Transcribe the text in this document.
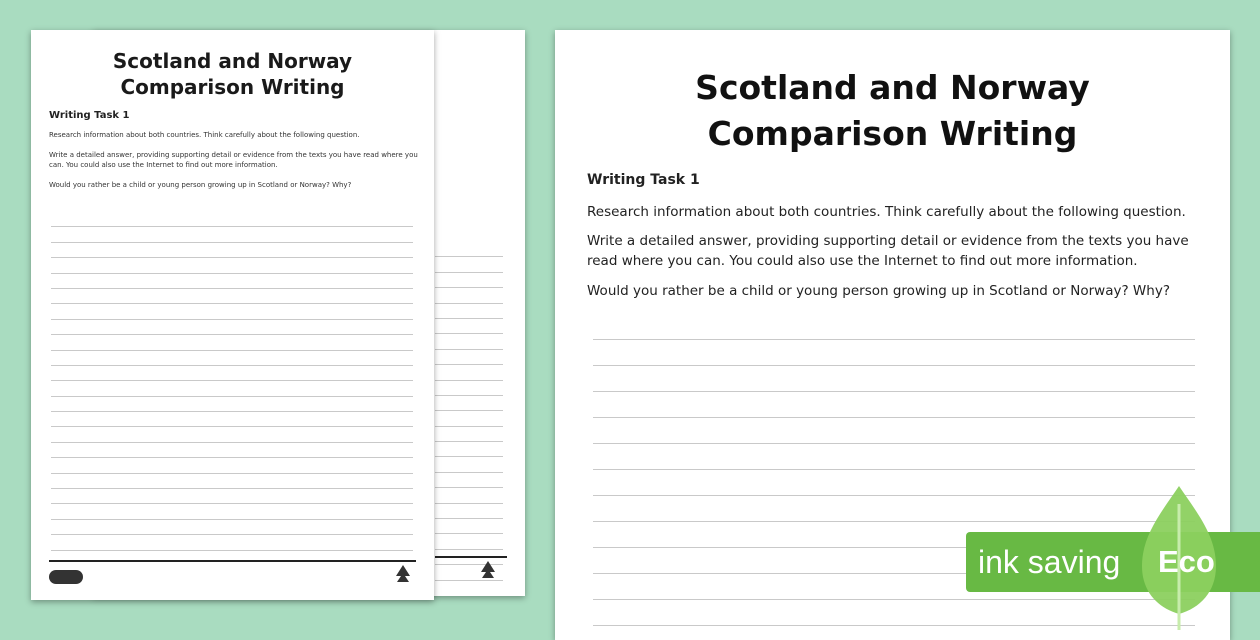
Scotland and Norway
Comparison Writing
Writing Task 1
Research information about both countries. Think carefully about the following question.
Write a detailed answer, providing supporting detail or evidence from the texts you have read where you can. You could also use the Internet to find out more information.
Would you rather be a child or young person growing up in Scotland or Norway? Why?
Scotland and Norway
Comparison Writing
Writing Task 1
Research information about both countries. Think carefully about the following question.
Write a detailed answer, providing supporting detail or evidence from the texts you have read where you can. You could also use the Internet to find out more information.
Would you rather be a child or young person growing up in Scotland or Norway? Why?
ink saving Eco
